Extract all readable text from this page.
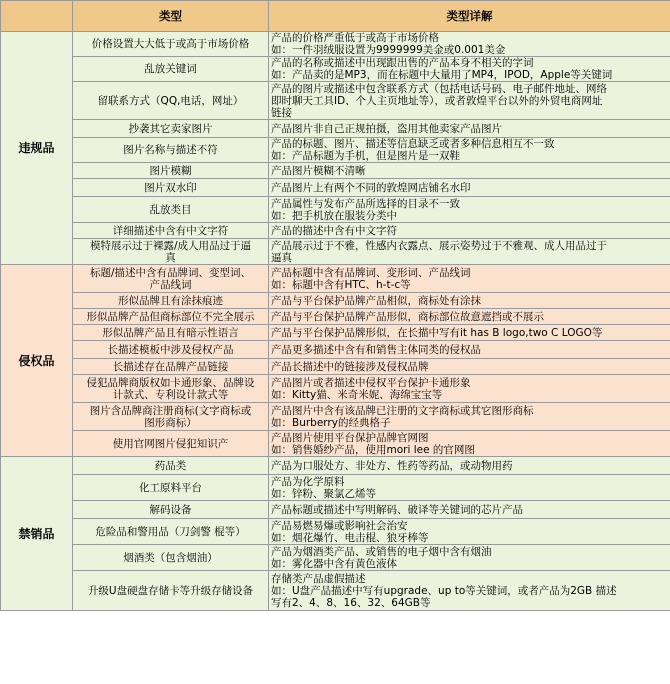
	类型	类型详解
违规品	价格设置大大低于或高于市场价格	产品的价格严重低于或高于市场价格
如：一件羽绒服设置为9999999美金或0.001美金

	乱放关键词	产品的名称或描述中出现跟出售的产品本身不相关的字词
如：产品卖的是MP3，而在标题中大量用了MP4，IPOD，Apple等关键词

	留联系方式（QQ,电话，网址）	产品的图片或描述中包含联系方式（包括电话号码、电子邮件地址、网络
即时聊天工具ID、个人主页地址等），或者敦煌平台以外的外贸电商网址
链接

	抄袭其它卖家图片	产品图片非自己正规拍摄，盗用其他卖家产品图片

	图片名称与描述不符	产品的标题、图片、描述等信息缺乏或者多种信息相互不一致
如：产品标题为手机，但是图片是一双鞋

	图片模糊	产品图片模糊不清晰

	图片双水印	产品图片上有两个不同的敦煌网店铺名水印

	乱放类目	产品属性与发布产品所选择的目录不一致
如：把手机放在服装分类中

	详细描述中含有中文字符	产品的描述中含有中文字符

	模特展示过于裸露/成人用品过于逼
真	产品展示过于不雅，性感内衣露点、展示姿势过于不雅观、成人用品过于
逼真

侵权品	标题/描述中含有品牌词、变型词、
产品线词	产品标题中含有品牌词、变形词、产品线词
如：标题中含有HTC、h-t-c等

	形似品牌且有涂抹痕迹	产品与平台保护品牌产品相似，商标处有涂抹

	形似品牌产品但商标部位不完全展示	产品与平台保护品牌产品形似，商标部位故意遮挡或不展示

	形似品牌产品且有暗示性语言	产品与平台保护品牌形似，在长描中写有it has B logo,two C LOGO等

	长描述模板中涉及侵权产品	产品更多描述中含有和销售主体同类的侵权品

	长描述存在品牌产品链接	产品长描述中的链接涉及侵权品牌

	侵犯品牌商版权如卡通形象、品牌设
计款式、专利设计款式等	产品图片或者描述中侵权平台保护卡通形象
如：Kitty猫、米奇米妮、海绵宝宝等

	图片含品牌商注册商标(文字商标或
图形商标）	产品图片中含有该品牌已注册的文字商标或其它图形商标
如：Burberry的经典格子

	使用官网图片侵犯知识产	产品图片使用平台保护品牌官网图
如：销售婚纱产品，使用mori lee 的官网图

禁销品	药品类	产品为口服处方、非处方、性药等药品，或动物用药

	化工原料平台	产品为化学原料
如：锌粉、聚氯乙烯等

	解码设备	产品标题或描述中写明解码、破译等关键词的芯片产品

	危险品和警用品（刀剑警 棍等）	产品易燃易爆或影响社会治安
如：烟花爆竹、电击棍、狼牙棒等

	烟酒类（包含烟油）	产品为烟酒类产品、或销售的电子烟中含有烟油
如：雾化器中含有黄色液体

	升级U盘硬盘存储卡等升级存储设备	存储类产品虚假描述
如：U盘产品描述中写有upgrade、up to等关键词，或者产品为2GB 描述
写有2、4、8、16、32、64GB等
